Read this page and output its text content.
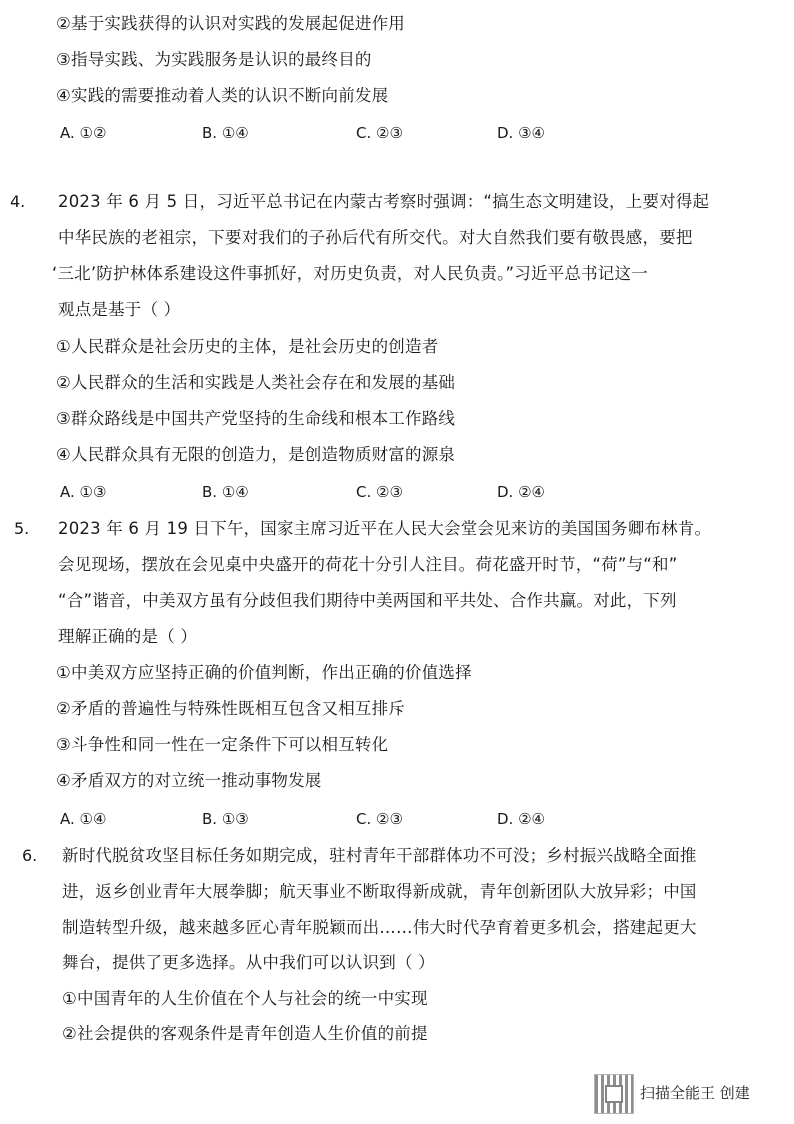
②基于实践获得的认识对实践的发展起促进作用
③指导实践、为实践服务是认识的最终目的
④实践的需要推动着人类的认识不断向前发展
A. ①②	B. ①④	C. ②③	D. ③④
4. 2023 年 6 月 5 日，习近平总书记在内蒙古考察时强调：“搞生态文明建设，上要对得起
中华民族的老祖宗，下要对我们的子孙后代有所交代。对大自然我们要有敬畏感，要把
‘三北’防护林体系建设这件事抓好，对历史负责，对人民负责。”习近平总书记这一
观点是基于（ ）
①人民群众是社会历史的主体，是社会历史的创造者
②人民群众的生活和实践是人类社会存在和发展的基础
③群众路线是中国共产党坚持的生命线和根本工作路线
④人民群众具有无限的创造力，是创造物质财富的源泉
A. ①③	B. ①④	C. ②③	D. ②④
5. 2023 年 6 月 19 日下午，国家主席习近平在人民大会堂会见来访的美国国务卿布林肯。
会见现场，摆放在会见桌中央盛开的荷花十分引人注目。荷花盛开时节，“荷”与“和”
“合”谐音，中美双方虽有分歧但我们期待中美两国和平共处、合作共赢。对此，下列
理解正确的是（ ）
①中美双方应坚持正确的价值判断，作出正确的价值选择
②矛盾的普遍性与特殊性既相互包含又相互排斥
③斗争性和同一性在一定条件下可以相互转化
④矛盾双方的对立统一推动事物发展
A. ①④	B. ①③	C. ②③	D. ②④
6. 新时代脱贫攻坚目标任务如期完成，驻村青年干部群体功不可没；乡村振兴战略全面推
进，返乡创业青年大展拳脚；航天事业不断取得新成就，青年创新团队大放异彩；中国
制造转型升级，越来越多匠心青年脱颖而出……伟大时代孕育着更多机会，搭建起更大
舞台，提供了更多选择。从中我们可以认识到（ ）
①中国青年的人生价值在个人与社会的统一中实现
②社会提供的客观条件是青年创造人生价值的前提
扫描全能王 创建
